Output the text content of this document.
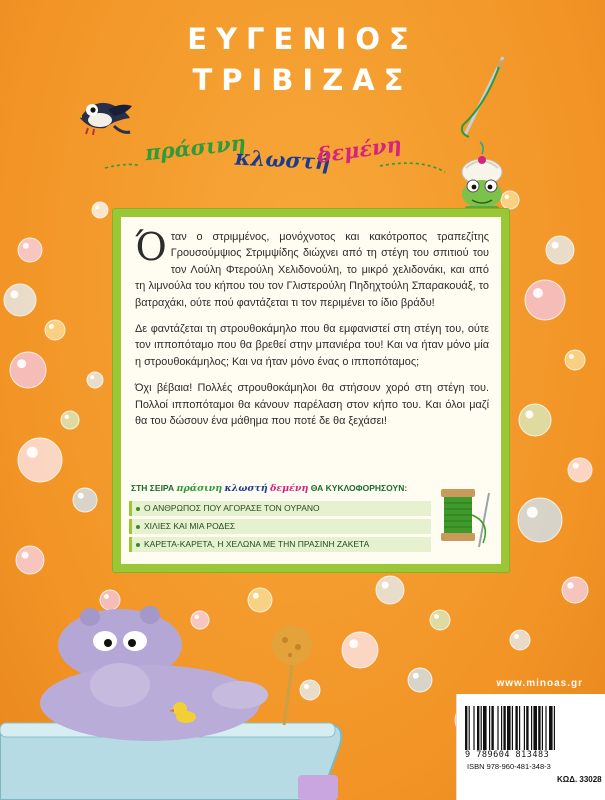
ΕΥΓΕΝΙΟΣ
ΤΡΙΒΙΖΑΣ
πράσινη
κλωστή
δεμένη

Όταν ο στριμμένος, μονόχνοτος και κακότροπος τραπεζίτης Γρουσούμψιος Στριμψίδης διώχνει από τη στέγη του σπιτιού του τον Λούλη Φτερούλη Χελιδονούλη, το μικρό χελιδονάκι, και από τη λιμνούλα του κήπου του τον Γλιστερούλη Πηδηχτούλη Σπαρακουάξ, το βατραχάκι, ούτε πού φαντάζεται τι τον περιμένει το ίδιο βράδυ!

Δε φαντάζεται τη στρουθοκάμηλο που θα εμφανιστεί στη στέγη του, ούτε τον ιπποπόταμο που θα βρεθεί στην μπανιέρα του! Και να ήταν μόνο μία η στρουθοκάμηλος; Και να ήταν μόνο ένας ο ιπποπόταμος;

Όχι βέβαια! Πολλές στρουθοκάμηλοι θα στήσουν χορό στη στέγη του. Πολλοί ιπποπόταμοι θα κάνουν παρέλαση στον κήπο του. Και όλοι μαζί θα του δώσουν ένα μάθημα που ποτέ δε θα ξεχάσει!

ΣΤΗ ΣΕΙΡΑ πράσινη κλωστή δεμένη ΘΑ ΚΥΚΛΟΦΟΡΗΣΟΥΝ:
Ο ΑΝΘΡΩΠΟΣ ΠΟΥ ΑΓΟΡΑΣΕ ΤΟΝ ΟΥΡΑΝΟ
ΧΙΛΙΕΣ ΚΑΙ ΜΙΑ ΡΟΔΕΣ
ΚΑΡΕΤΑ-ΚΑΡΕΤΑ, Η ΧΕΛΩΝΑ ΜΕ ΤΗΝ ΠΡΑΣΙΝΗ ΖΑΚΕΤΑ
www.minoas.gr
9 789604 813483
ISBN 978-960-481-348-3
ΚΩΔ. 33028
